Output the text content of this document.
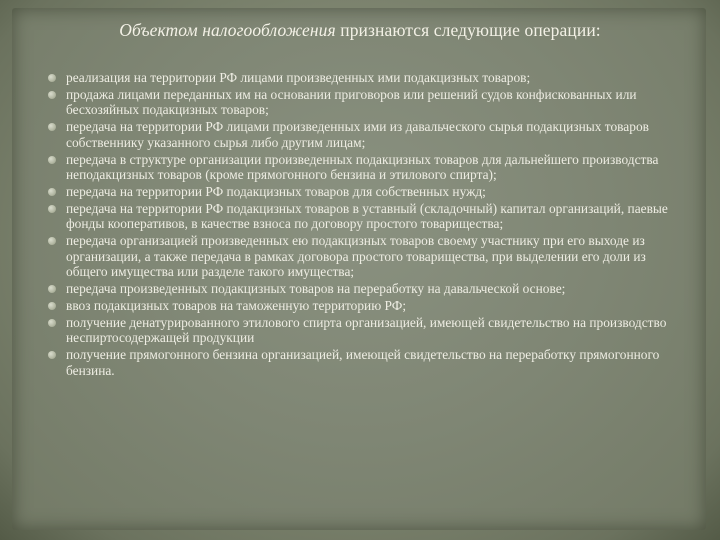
Объектом налогообложения признаются следующие операции:
реализация на территории РФ лицами произведенных ими подакцизных товаров;
продажа лицами переданных им на основании приговоров или решений судов конфискованных или бесхозяйных подакцизных товаров;
передача на территории РФ лицами произведенных ими из давальческого сырья подакцизных товаров собственнику указанного сырья либо другим лицам;
передача в структуре организации произведенных подакцизных товаров для дальнейшего производства неподакцизных товаров (кроме прямогонного бензина и этилового спирта);
передача на территории РФ подакцизных товаров для собственных нужд;
передача на территории РФ подакцизных товаров в уставный (складочный) капитал организаций, паевые фонды кооперативов, в качестве взноса по договору простого товарищества;
передача организацией произведенных ею подакцизных товаров своему участнику при его выходе из организации, а также передача в рамках договора простого товарищества, при выделении его доли из общего имущества или разделе такого имущества;
передача произведенных подакцизных товаров на переработку на давальческой основе;
ввоз подакцизных товаров на таможенную территорию РФ;
получение денатурированного этилового спирта организацией, имеющей свидетельство на производство неспиртосодержащей продукции
получение прямогонного бензина организацией, имеющей свидетельство на переработку прямогонного бензина.
